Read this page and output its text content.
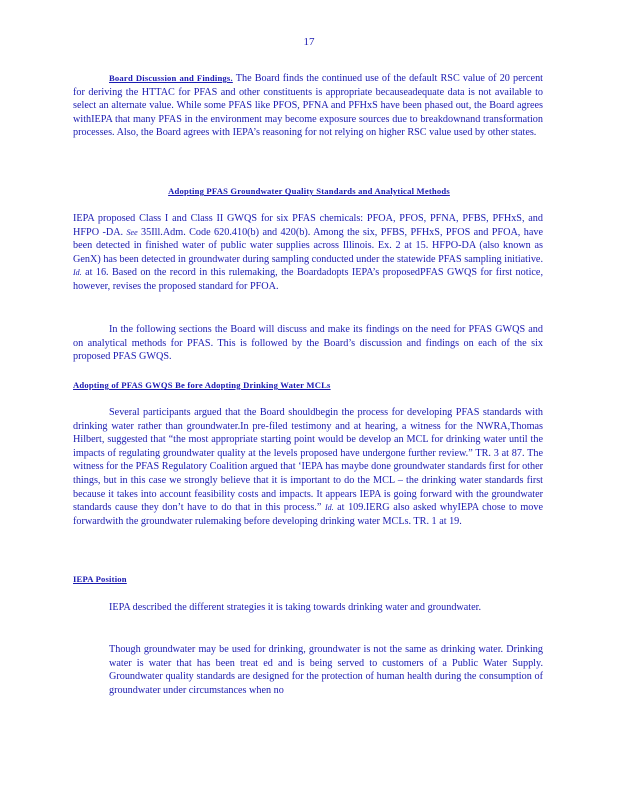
17
Board Discussion and Findings. The Board finds the continued use of the default RSC value of 20 percent for deriving the HTTAC for PFAS and other constituents is appropriate becauseadequate data is not available to select an alternate value. While some PFAS like PFOS, PFNA and PFHxS have been phased out, the Board agrees withIEPA that many PFAS in the environment may become exposure sources due to breakdownand transformation processes. Also, the Board agrees with IEPA’s reasoning for not relying on higher RSC value used by other states.
Adopting PFAS Groundwater Quality Standards and Analytical Methods
IEPA proposed Class I and Class II GWQS for six PFAS chemicals: PFOA, PFOS, PFNA, PFBS, PFHxS, and HFPO -DA. See 35Ill.Adm. Code 620.410(b) and 420(b). Among the six, PFBS, PFHxS, PFOS and PFOA, have been detected in finished water of public water supplies across Illinois. Ex. 2 at 15. HFPO-DA (also known as GenX) has been detected in groundwater during sampling conducted under the statewide PFAS sampling initiative. Id. at 16. Based on the record in this rulemaking, the Boardadopts IEPA’s proposedPFAS GWQS for first notice, however, revises the proposed standard for PFOA.
In the following sections the Board will discuss and make its findings on the need for PFAS GWQS and on analytical methods for PFAS. This is followed by the Board’s discussion and findings on each of the six proposed PFAS GWQS.
Adopting of PFAS GWQS Be fore Adopting Drinking Water MCLs
Several participants argued that the Board shouldbegin the process for developing PFAS standards with drinking water rather than groundwater.In pre-filed testimony and at hearing, a witness for the NWRA,Thomas Hilbert, suggested that “the most appropriate starting point would be develop an MCL for drinking water until the impacts of regulating groundwater quality at the levels proposed have undergone further review.” TR. 3 at 87. The witness for the PFAS Regulatory Coalition argued that ‘IEPA has maybe done groundwater standards first for other things, but in this case we strongly believe that it is important to do the MCL – the drinking water standards first because it takes into account feasibility costs and impacts. It appears IEPA is going forward with the groundwater standards cause they don’t have to do that in this process.” Id. at 109.IERG also asked whyIEPA chose to move forwardwith the groundwater rulemaking before developing drinking water MCLs. TR. 1 at 19.
IEPA Position
IEPA described the different strategies it is taking towards drinking water and groundwater.
Though groundwater may be used for drinking, groundwater is not the same as drinking water. Drinking water is water that has been treat ed and is being served to customers of a Public Water Supply. Groundwater quality standards are designed for the protection of human health during the consumption of groundwater under circumstances when no
